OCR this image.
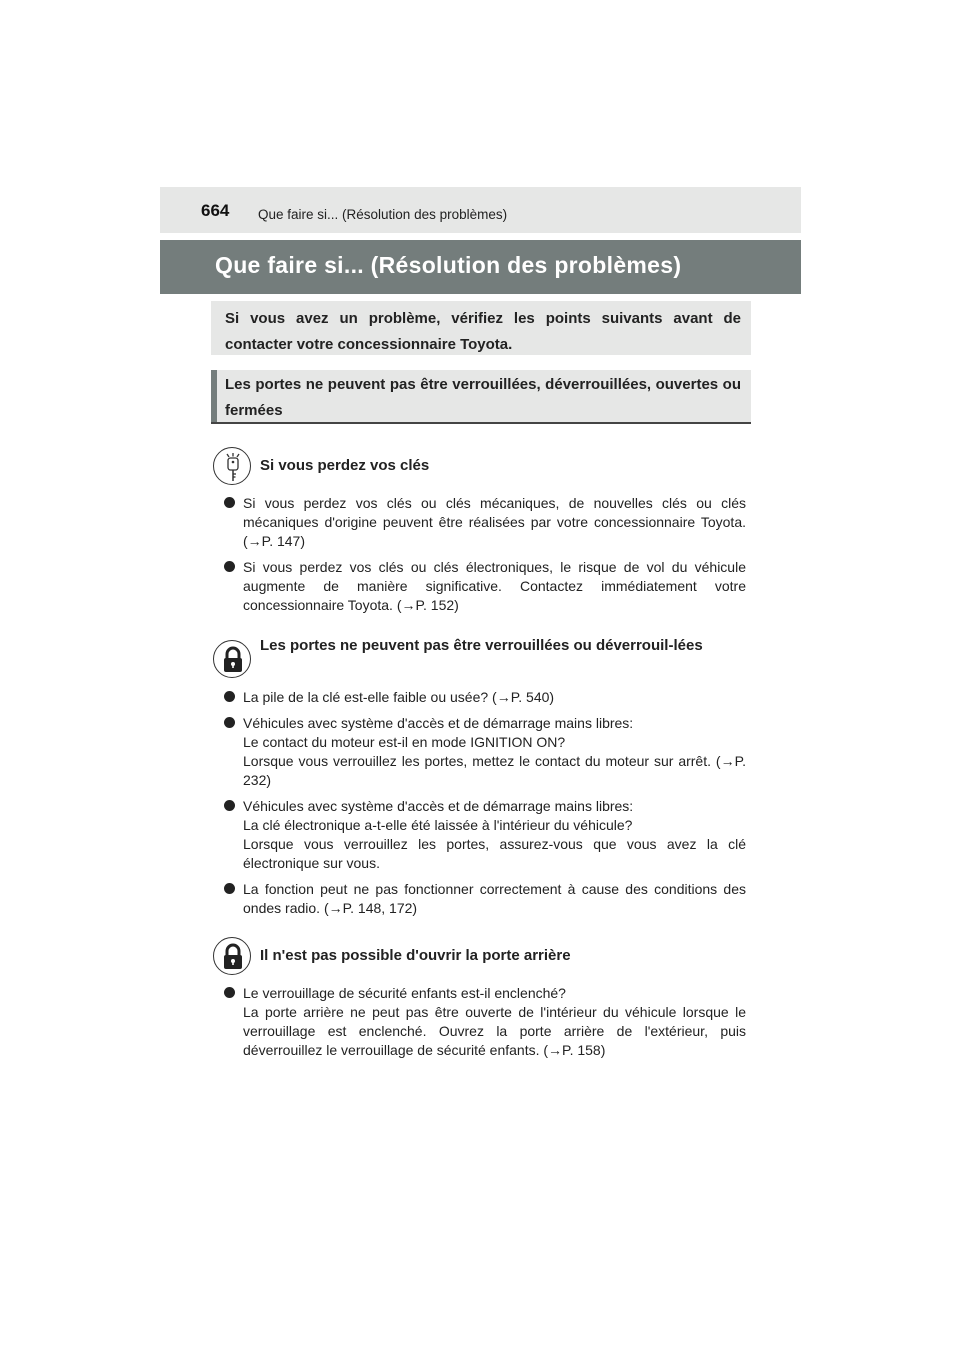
664 Que faire si... (Résolution des problèmes)
Que faire si... (Résolution des problèmes)

Si vous avez un problème, vérifiez les points suivants avant de contacter votre concessionnaire Toyota.

Les portes ne peuvent pas être verrouillées, déverrouillées, ouvertes ou fermées

Si vous perdez vos clés
Si vous perdez vos clés ou clés mécaniques, de nouvelles clés ou clés mécaniques d'origine peuvent être réalisées par votre concessionnaire Toyota. (→P. 147)
Si vous perdez vos clés ou clés électroniques, le risque de vol du véhicule augmente de manière significative. Contactez immédiatement votre concessionnaire Toyota. (→P. 152)
Les portes ne peuvent pas être verrouillées ou déverrouil-lées
La pile de la clé est-elle faible ou usée? (→P. 540)
Véhicules avec système d'accès et de démarrage mains libres:
Le contact du moteur est-il en mode IGNITION ON?
Lorsque vous verrouillez les portes, mettez le contact du moteur sur arrêt. (→P. 232)
Véhicules avec système d'accès et de démarrage mains libres:
La clé électronique a-t-elle été laissée à l'intérieur du véhicule?
Lorsque vous verrouillez les portes, assurez-vous que vous avez la clé électronique sur vous.
La fonction peut ne pas fonctionner correctement à cause des conditions des ondes radio. (→P. 148, 172)
Il n'est pas possible d'ouvrir la porte arrière
Le verrouillage de sécurité enfants est-il enclenché?
La porte arrière ne peut pas être ouverte de l'intérieur du véhicule lorsque le verrouillage est enclenché. Ouvrez la porte arrière de l'extérieur, puis déverrouillez le verrouillage de sécurité enfants. (→P. 158)
